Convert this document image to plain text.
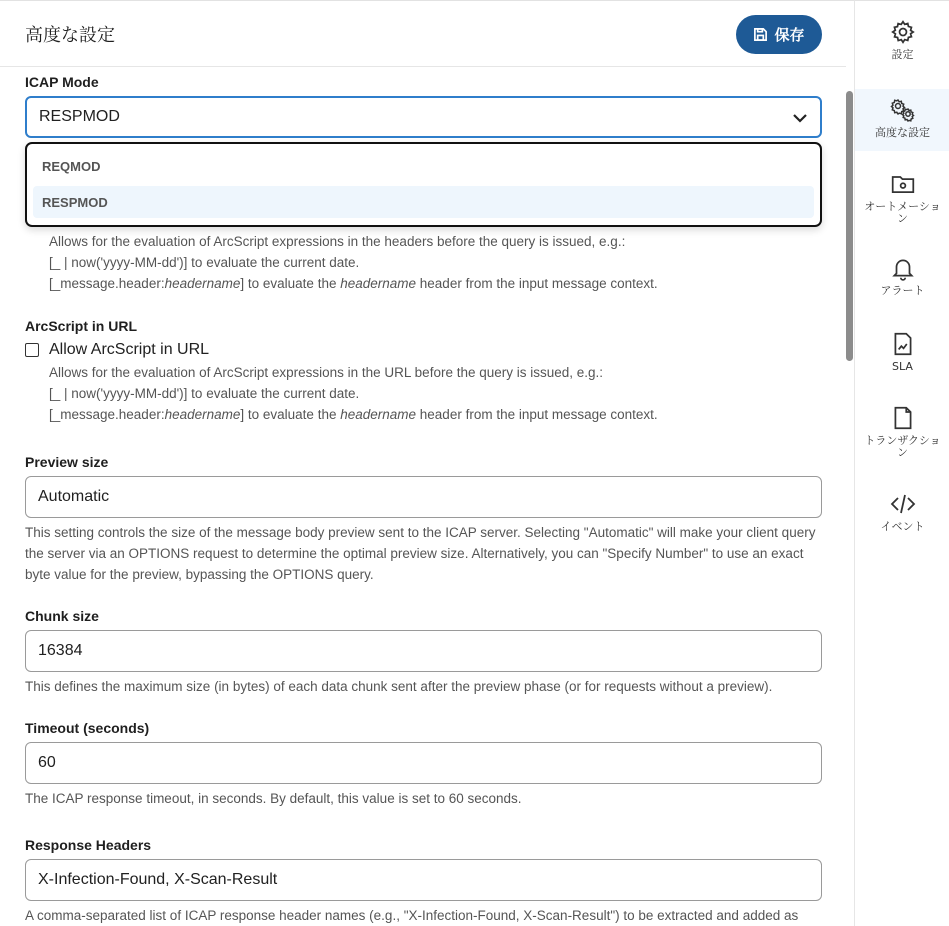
高度な設定	保存
ICAP Mode
RESPMOD
Allows for the evaluation of ArcScript expressions in the headers before the query is issued, e.g.:
[_ | now('yyyy-MM-dd')] to evaluate the current date.
[_message.header:headername] to evaluate the headername header from the input message context.
ArcScript in URL
Allow ArcScript in URL
Allows for the evaluation of ArcScript expressions in the URL before the query is issued, e.g.:
[_ | now('yyyy-MM-dd')] to evaluate the current date.
[_message.header:headername] to evaluate the headername header from the input message context.
Preview size
Automatic
This setting controls the size of the message body preview sent to the ICAP server. Selecting "Automatic" will make your client query the server via an OPTIONS request to determine the optimal preview size. Alternatively, you can "Specify Number" to use an exact byte value for the preview, bypassing the OPTIONS query.
Chunk size
16384
This defines the maximum size (in bytes) of each data chunk sent after the preview phase (or for requests without a preview).
Timeout (seconds)
60
The ICAP response timeout, in seconds. By default, this value is set to 60 seconds.
Response Headers
X-Infection-Found, X-Scan-Result
A comma-separated list of ICAP response header names (e.g., "X-Infection-Found, X-Scan-Result") to be extracted and added as
REQMOD
RESPMOD
設定
高度な設定
オートメーション
アラート
SLA
トランザクション
イベント
